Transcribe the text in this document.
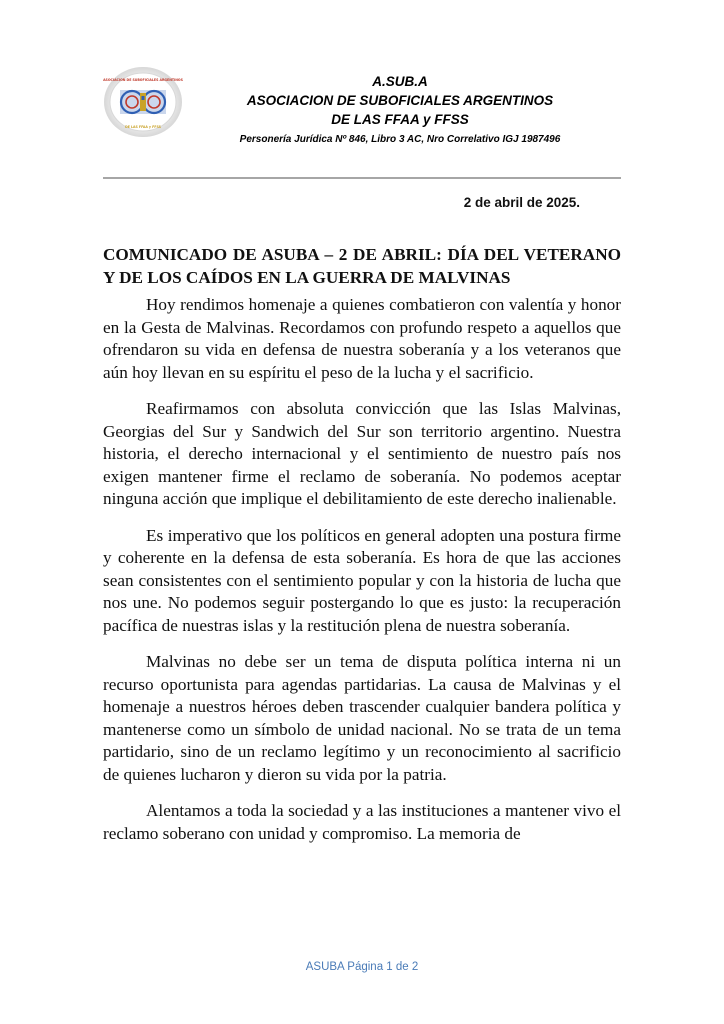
ASOCIACION DE SUBOFICIALES ARGENTINOS
DE LAS FFAA y FFSS
A.SUB.A
ASOCIACION DE SUBOFICIALES ARGENTINOS
DE LAS FFAA y FFSS
Personería Jurídica Nº 846, Libro 3 AC, Nro Correlativo IGJ 1987496
2 de abril de 2025.
COMUNICADO DE ASUBA – 2 DE ABRIL: DÍA DEL VETERANO Y DE LOS CAÍDOS EN LA GUERRA DE MALVINAS

Hoy rendimos homenaje a quienes combatieron con valentía y honor en la Gesta de Malvinas. Recordamos con profundo respeto a aquellos que ofrendaron su vida en defensa de nuestra soberanía y a los veteranos que aún hoy llevan en su espíritu el peso de la lucha y el sacrificio.

Reafirmamos con absoluta convicción que las Islas Malvinas, Georgias del Sur y Sandwich del Sur son territorio argentino. Nuestra historia, el derecho internacional y el sentimiento de nuestro país nos exigen mantener firme el reclamo de soberanía. No podemos aceptar ninguna acción que implique el debilitamiento de este derecho inalienable.

Es imperativo que los políticos en general adopten una postura firme y coherente en la defensa de esta soberanía. Es hora de que las acciones sean consistentes con el sentimiento popular y con la historia de lucha que nos une. No podemos seguir postergando lo que es justo: la recuperación pacífica de nuestras islas y la restitución plena de nuestra soberanía.

Malvinas no debe ser un tema de disputa política interna ni un recurso oportunista para agendas partidarias. La causa de Malvinas y el homenaje a nuestros héroes deben trascender cualquier bandera política y mantenerse como un símbolo de unidad nacional. No se trata de un tema partidario, sino de un reclamo legítimo y un reconocimiento al sacrificio de quienes lucharon y dieron su vida por la patria.

Alentamos a toda la sociedad y a las instituciones a mantener vivo el reclamo soberano con unidad y compromiso. La memoria de

ASUBA Página 1 de 2
